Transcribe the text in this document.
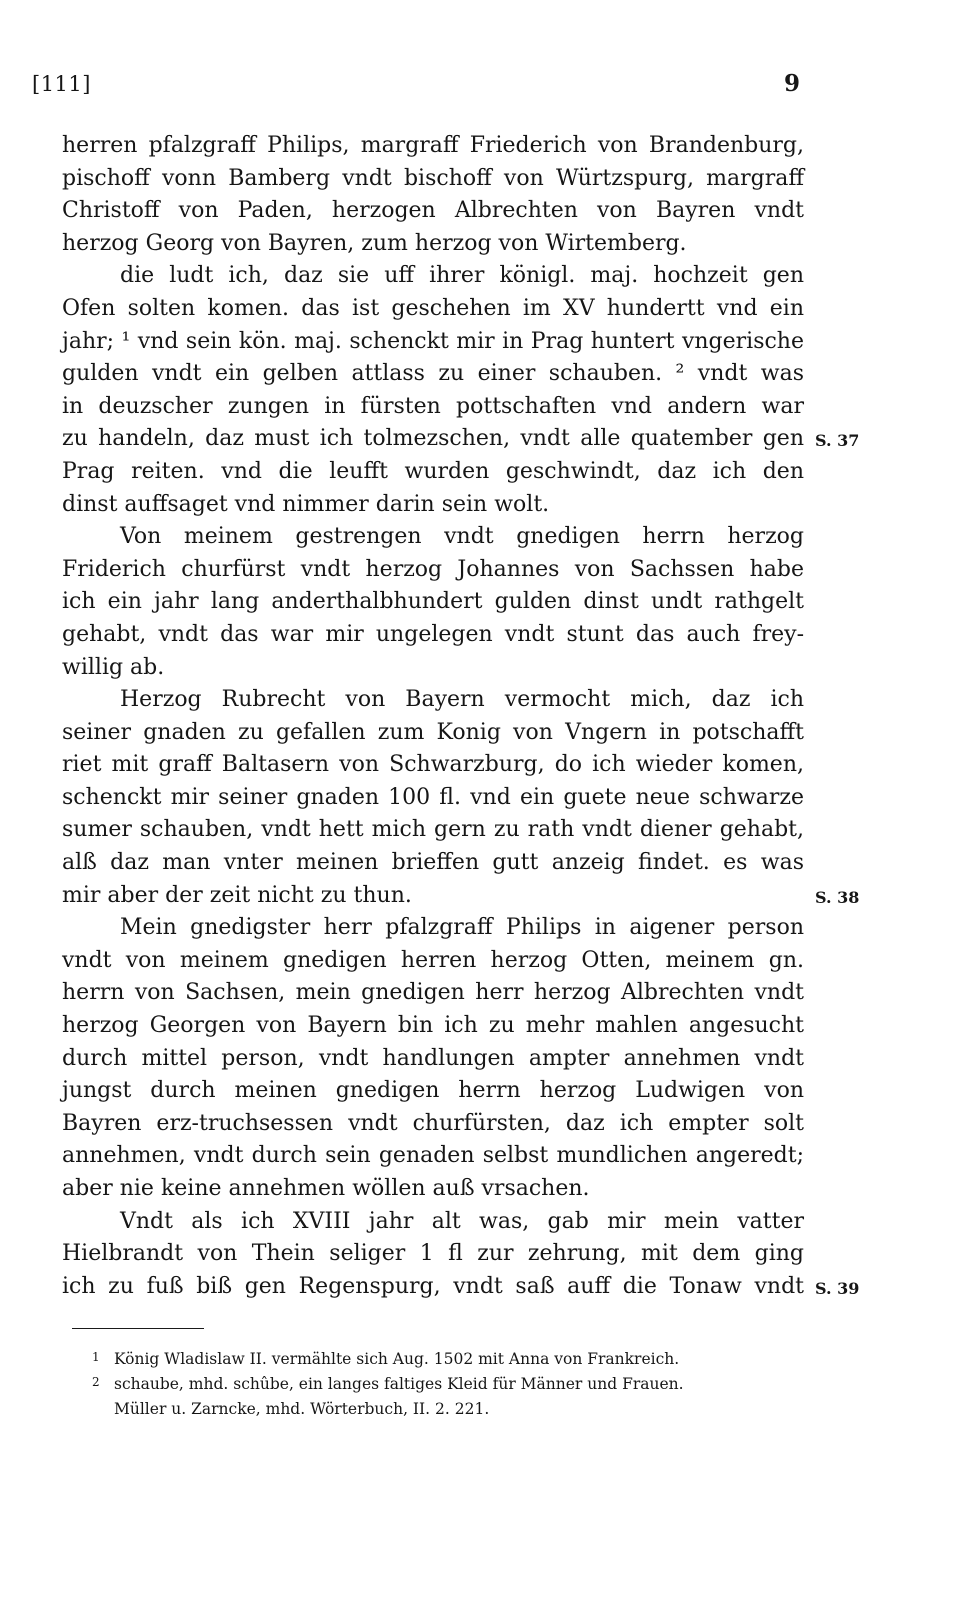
[111]	9
herren pfalzgraff Philips, margraff Friederich von Brandenburg,
pischoff vonn Bamberg vndt bischoff von Würtzspurg, margraff
Christoff von Paden, herzogen Albrechten von Bayren vndt
herzog Georg von Bayren, zum herzog von Wirtemberg.
die ludt ich, daz sie uff ihrer königl. maj. hochzeit gen
Ofen solten komen. das ist geschehen im XV hundertt vnd ein
jahr; ¹ vnd sein kön. maj. schenckt mir in Prag huntert vngerische
gulden vndt ein gelben attlass zu einer schauben. ² vndt was
in deuzscher zungen in fürsten pottschaften vnd andern war
zu handeln, daz must ich tolmezschen, vndt alle quatember gen
Prag reiten. vnd die leufft wurden geschwindt, daz ich den
dinst auffsaget vnd nimmer darin sein wolt.
Von meinem gestrengen vndt gnedigen herrn herzog
Friderich churfürst vndt herzog Johannes von Sachssen habe
ich ein jahr lang anderthalbhundert gulden dinst undt rathgelt
gehabt, vndt das war mir ungelegen vndt stunt das auch frey-
willig ab.
Herzog Rubrecht von Bayern vermocht mich, daz ich
seiner gnaden zu gefallen zum Konig von Vngern in potschafft
riet mit graff Baltasern von Schwarzburg, do ich wieder komen,
schenckt mir seiner gnaden 100 fl. vnd ein guete neue schwarze
sumer schauben, vndt hett mich gern zu rath vndt diener gehabt,
alß daz man vnter meinen brieffen gutt anzeig findet. es was
mir aber der zeit nicht zu thun.
Mein gnedigster herr pfalzgraff Philips in aigener person
vndt von meinem gnedigen herren herzog Otten, meinem gn.
herrn von Sachsen, mein gnedigen herr herzog Albrechten vndt
herzog Georgen von Bayern bin ich zu mehr mahlen angesucht
durch mittel person, vndt handlungen ampter annehmen vndt
jungst durch meinen gnedigen herrn herzog Ludwigen von
Bayren erz-truchsessen vndt churfürsten, daz ich empter solt
annehmen, vndt durch sein genaden selbst mundlichen angeredt;
aber nie keine annehmen wöllen auß vrsachen.
Vndt als ich XVIII jahr alt was, gab mir mein vatter
Hielbrandt von Thein seliger 1 fl zur zehrung, mit dem ging
ich zu fuß biß gen Regenspurg, vndt saß auff die Tonaw vndt
S. 37
S. 38
S. 39
1 König Wladislaw II. vermählte sich Aug. 1502 mit Anna von Frankreich.
2 schaube, mhd. schûbe, ein langes faltiges Kleid für Männer und Frauen.
Müller u. Zarncke, mhd. Wörterbuch, II. 2. 221.
